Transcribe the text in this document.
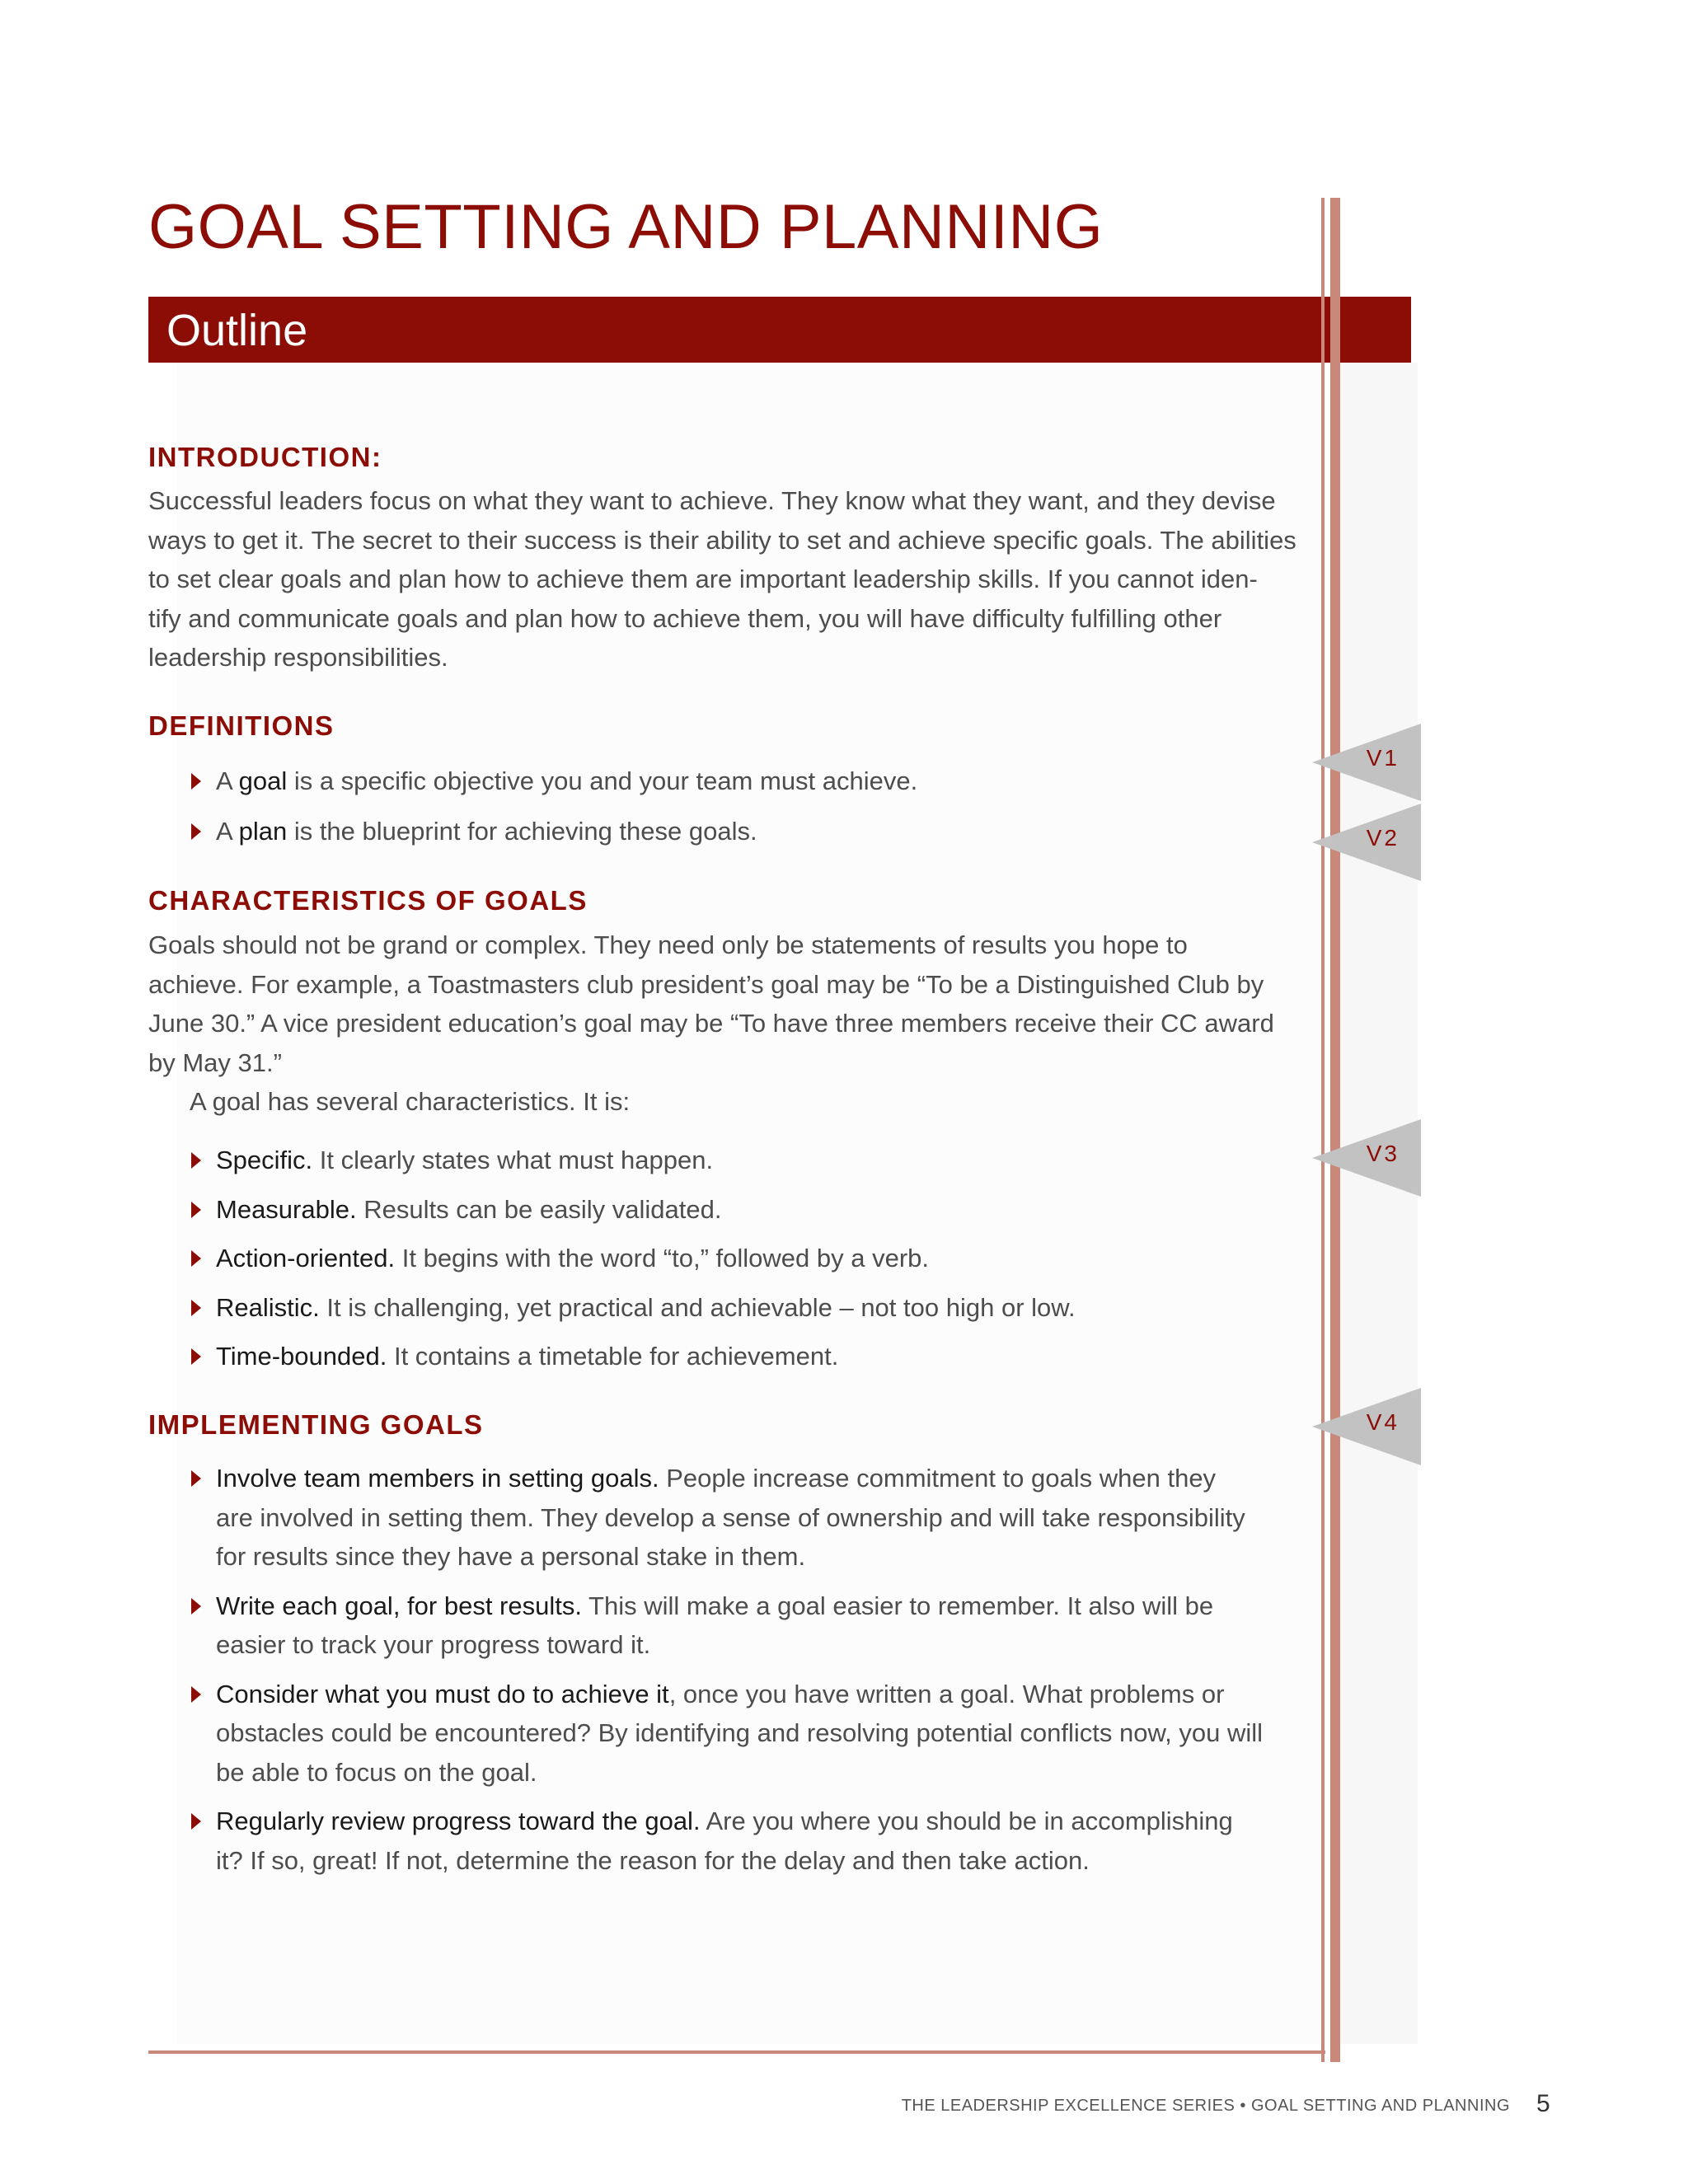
GOAL SETTING AND PLANNING
Outline
INTRODUCTION:

Successful leaders focus on what they want to achieve. They know what they want, and they devise

ways to get it. The secret to their success is their ability to set and achieve specific goals. The abilities

to set clear goals and plan how to achieve them are important leadership skills. If you cannot iden-

tify and communicate goals and plan how to achieve them, you will have difficulty fulfilling other

leadership responsibilities.

DEFINITIONS
A goal is a specific objective you and your team must achieve.
A plan is the blueprint for achieving these goals.
CHARACTERISTICS OF GOALS

Goals should not be grand or complex. They need only be statements of results you hope to

achieve. For example, a Toastmasters club president’s goal may be “To be a Distinguished Club by

June 30.” A vice president education’s goal may be “To have three members receive their CC award

by May 31.”

A goal has several characteristics. It is:

Specific. It clearly states what must happen.
Measurable. Results can be easily validated.
Action-oriented. It begins with the word “to,” followed by a verb.
Realistic. It is challenging, yet practical and achievable – not too high or low.
Time-bounded. It contains a timetable for achievement.
IMPLEMENTING GOALS
Involve team members in setting goals. People increase commitment to goals when they
are involved in setting them. They develop a sense of ownership and will take responsibility
for results since they have a personal stake in them.
Write each goal, for best results. This will make a goal easier to remember. It also will be
easier to track your progress toward it.
Consider what you must do to achieve it, once you have written a goal. What problems or
obstacles could be encountered? By identifying and resolving potential conflicts now, you will
be able to focus on the goal.
Regularly review progress toward the goal. Are you where you should be in accomplishing
it? If so, great! If not, determine the reason for the delay and then take action.
V1
V2
V3
V4
THE LEADERSHIP EXCELLENCE SERIES • GOAL SETTING AND PLANNING 5
